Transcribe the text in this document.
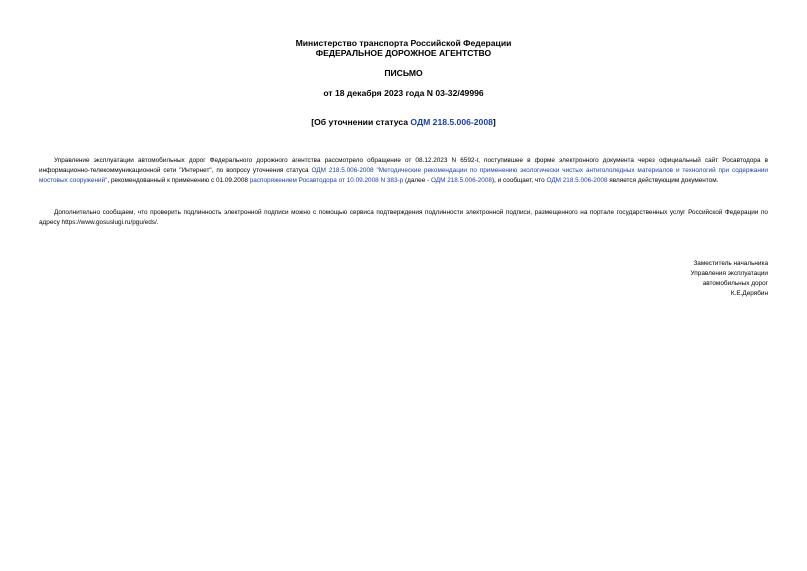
Министерство транспорта Российской Федерации
ФЕДЕРАЛЬНОЕ ДОРОЖНОЕ АГЕНТСТВО
ПИСЬМО
от 18 декабря 2023 года N 03-32/49996
[Об уточнении статуса ОДМ 218.5.006-2008]

Управление эксплуатации автомобильных дорог Федерального дорожного агентства рассмотрело обращение от 08.12.2023 N 6592-г, поступившее в форме электронного документа через официальный сайт Росавтодора в информационно-телекоммуникационной сети "Интернет", по вопросу уточнения статуса ОДМ 218.5.006-2008 "Методические рекомендации по применению экологически чистых антигололедных материалов и технологий при содержании мостовых сооружений", рекомендованный к применению с 01.09.2008 распоряжением Росавтодора от 10.09.2008 N 383-р (далее - ОДМ 218.5.006-2008), и сообщает, что ОДМ 218.5.006-2008 является действующим документом.

Дополнительно сообщаем, что проверить подлинность электронной подписи можно с помощью сервиса подтверждения подлинности электронной подписи, размещенного на портале государственных услуг Российской Федерации по адресу https://www.gosuslugi.ru/pgu/eds/.

Заместитель начальника
Управления эксплуатации
автомобильных дорог
К.Е.Дерябин
